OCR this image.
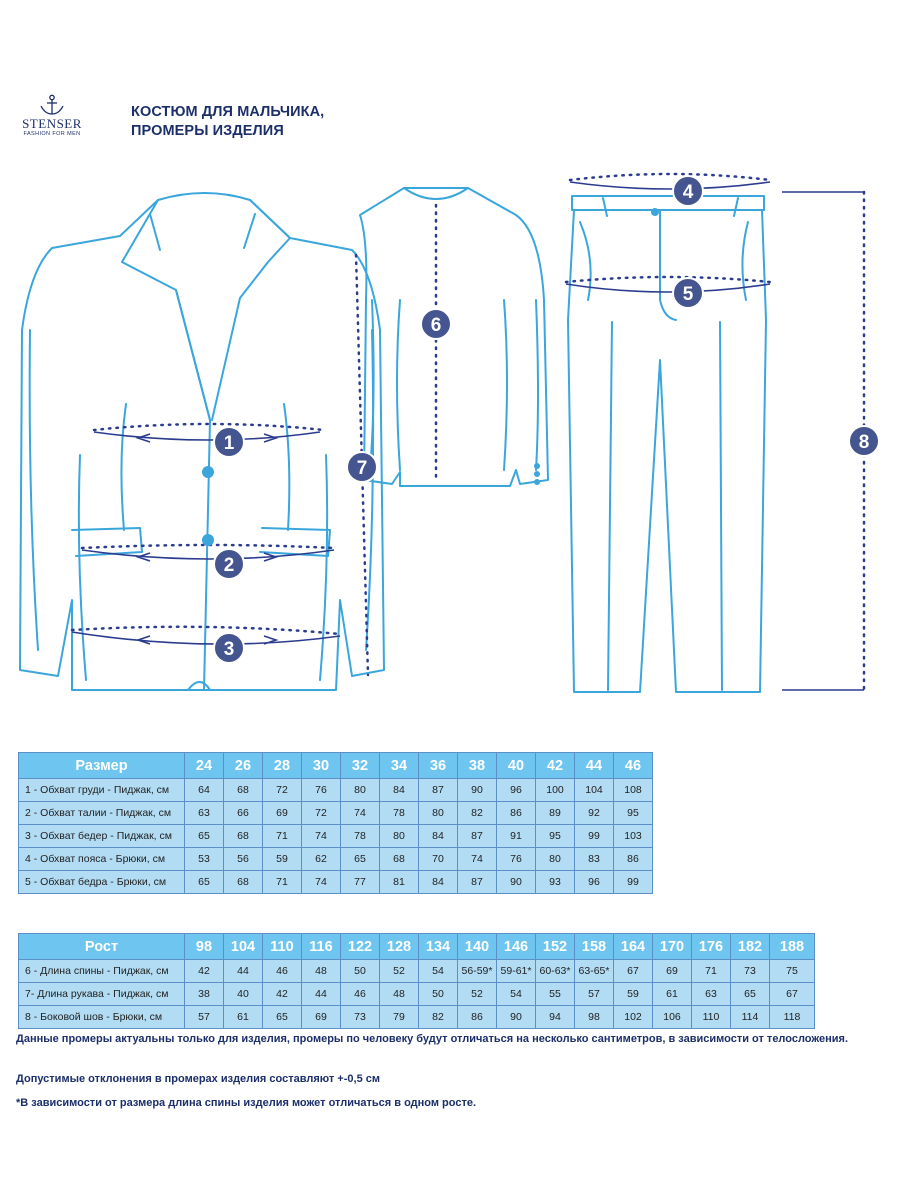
STENSER
FASHION FOR MEN
КОСТЮМ ДЛЯ МАЛЬЧИКА,
ПРОМЕРЫ ИЗДЕЛИЯ
1
2
3
4
5
6
7
8
Размер	24	26	28	30	32	34	36	38	40	42	44	46
1 - Обхват груди - Пиджак, см	64	68	72	76	80	84	87	90	96	100	104	108
2 - Обхват талии - Пиджак, см	63	66	69	72	74	78	80	82	86	89	92	95
3 - Обхват бедер - Пиджак, см	65	68	71	74	78	80	84	87	91	95	99	103
4 - Обхват пояса - Брюки, см	53	56	59	62	65	68	70	74	76	80	83	86
5 - Обхват бедра - Брюки, см	65	68	71	74	77	81	84	87	90	93	96	99
Рост	98	104	110	116	122	128	134	140	146	152	158	164	170	176	182	188
6 - Длина спины - Пиджак, см	42	44	46	48	50	52	54	56-59*	59-61*	60-63*	63-65*	67	69	71	73	75
7- Длина рукава - Пиджак, см	38	40	42	44	46	48	50	52	54	55	57	59	61	63	65	67
8 - Боковой шов - Брюки, см	57	61	65	69	73	79	82	86	90	94	98	102	106	110	114	118
Данные промеры актуальны только для изделия, промеры по человеку будут отличаться на несколько сантиметров, в зависимости от телосложения.
Допустимые отклонения в промерах изделия составляют +-0,5 см
*В зависимости от размера длина спины изделия может отличаться в одном росте.
